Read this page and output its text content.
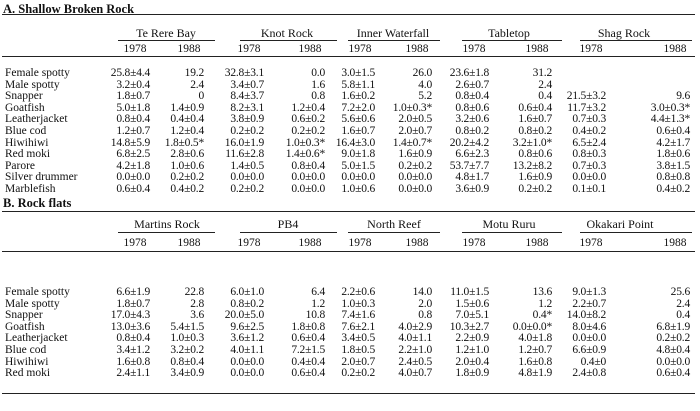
A. Shallow Broken Rock
Te Rere Bay
1978	1988
Knot Rock
1978	1988
Inner Waterfall
1978	1988
Tabletop
1978	1988
Shag Rock
1978	1988
Female spotty	25.8±4.4	19.2 32.8±3.1	0.0 3.0±1.5	26.0 23.6±1.8	31.2
Male spotty	3.2±0.4	2.4 3.4±0.7	1.6 5.8±1.1	4.0 2.6±0.7	2.4
Snapper	1.8±0.7	0 8.4±3.7	0.8 1.6±0.2	5.2 0.8±0.4	0.4 21.5±3.2	9.6
Goatfish	5.0±1.8 1.4±0.9 8.2±3.1 1.2±0.4 7.2±2.0 1.0±0.3* 0.8±0.6	0.6±0.4 11.7±3.2	3.0±0.3*
Leatherjacket	0.8±0.4 0.4±0.4 3.8±0.9 0.6±0.2 5.6±0.6 2.0±0.5 3.2±0.6	1.6±0.7 0.7±0.3	4.4±1.3*
Blue cod	1.2±0.7 1.2±0.4 0.2±0.2 0.2±0.2 1.6±0.7 2.0±0.7 0.8±0.2	0.8±0.2 0.4±0.2	0.6±0.4
Hiwihiwi	14.8±5.9 1.8±0.5* 16.0±1.9 1.0±0.3* 16.4±3.0 1.4±0.7* 20.2±4.2 3.2±1.0* 6.5±2.4	4.2±1.7
Red moki	6.8±2.5 2.8±0.6 11.6±2.8 1.4±0.6* 9.0±1.8 1.6±0.9 6.6±2.3	0.8±0.6 0.8±0.3	1.8±0.6
Parore	4.2±1.8 1.0±0.6 1.4±0.5 0.8±0.4 5.0±1.5 0.2±0.2 53.7±7.7 13.2±8.2 0.7±0.3	3.8±1.5
Silver drummer	0.0±0.0 0.2±0.2 0.0±0.0 0.0±0.0 0.0±0.0 0.0±0.0 4.8±1.7	1.6±0.9 0.0±0.0	0.8±0.8
Marblefish	0.6±0.4 0.4±0.2 0.2±0.2 0.0±0.0 1.0±0.6 0.0±0.0 3.6±0.9	0.2±0.2 0.1±0.1	0.4±0.2
B. Rock flats
Martins Rock
1978	1988
PB4
1978	1988
North Reef
1978	1988
Motu Ruru
1978	1988
Okakari Point
1978	1988
Female spotty	6.6±1.9	22.8 6.0±1.0	6.4 2.2±0.6	14.0 11.0±1.5	13.6 9.0±1.3	25.6
Male spotty	1.8±0.7	2.8 0.8±0.2	1.2 1.0±0.3	2.0 1.5±0.6	1.2 2.2±0.7	2.4
Snapper	17.0±4.3	3.6 20.0±5.0	10.8 7.4±1.6	0.8 7.0±5.1	0.4* 14.0±8.2	0.4
Goatfish	13.0±3.6 5.4±1.5 9.6±2.5 1.8±0.8 7.6±2.1 4.0±2.9 10.3±2.7 0.0±0.0* 8.0±4.6	6.8±1.9
Leatherjacket	0.8±0.4 1.0±0.3 3.6±1.2 0.6±0.4 3.4±0.5 4.0±1.1 2.2±0.9	4.0±1.8 0.0±0.0	0.2±0.2
Blue cod	3.4±1.2 3.2±0.2 4.0±1.1 7.2±1.5 1.8±0.5 2.2±1.0 1.2±1.0	1.2±0.7 6.6±0.9	4.8±0.4
Hiwihiwi	1.6±0.8 0.8±0.4 0.0±0.0 0.4±0.4 2.0±0.7 2.4±0.5 2.0±0.4	1.6±0.8 0.4±0	0.0±0.0
Red moki	2.4±1.1 3.4±0.9 0.0±0.0 0.6±0.4 0.2±0.2 4.0±0.7 1.8±0.9	4.8±1.9 2.4±0.8	0.6±0.4
